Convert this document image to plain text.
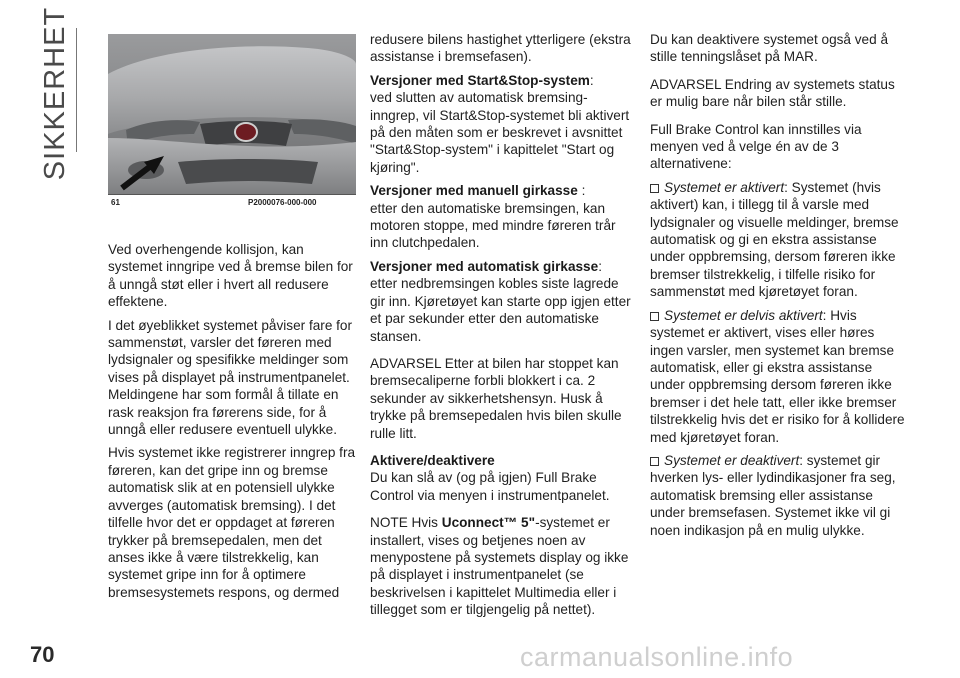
SIKKERHET
61	P2000076-000-000

Ved overhengende kollisjon, kan systemet inngripe ved å bremse bilen for å unngå støt eller i hvert all redusere effektene.

I det øyeblikket systemet påviser fare for sammenstøt, varsler det føreren med lydsignaler og spesifikke meldinger som vises på displayet på instrumentpanelet. Meldingene har som formål å tillate en rask reaksjon fra førerens side, for å unngå eller redusere eventuell ulykke.

Hvis systemet ikke registrerer inngrep fra føreren, kan det gripe inn og bremse automatisk slik at en potensiell ulykke avverges (automatisk bremsing). I det tilfelle hvor det er oppdaget at føreren trykker på bremsepedalen, men det anses ikke å være tilstrekkelig, kan systemet gripe inn for å optimere bremsesystemets respons, og dermed

redusere bilens hastighet ytterligere (ekstra assistanse i bremsefasen).

Versjoner med Start&Stop-system:
ved slutten av automatisk bremsing-inngrep, vil Start&Stop-systemet bli aktivert på den måten som er beskrevet i avsnittet "Start&Stop-system" i kapittelet "Start og kjøring".

Versjoner med manuell girkasse :
etter den automatiske bremsingen, kan motoren stoppe, med mindre føreren trår inn clutchpedalen.

Versjoner med automatisk girkasse:
etter nedbremsingen kobles siste lagrede gir inn. Kjøretøyet kan starte opp igjen etter et par sekunder etter den automatiske stansen.

ADVARSEL Etter at bilen har stoppet kan bremsecaliperne forbli blokkert i ca. 2 sekunder av sikkerhetshensyn. Husk å trykke på bremsepedalen hvis bilen skulle rulle litt.

Aktivere/deaktivere

Du kan slå av (og på igjen) Full Brake Control via menyen i instrumentpanelet.

NOTE Hvis Uconnect™ 5"-systemet er installert, vises og betjenes noen av menypostene på systemets display og ikke på displayet i instrumentpanelet (se beskrivelsen i kapittelet Multimedia eller i tillegget som er tilgjengelig på nettet).

Du kan deaktivere systemet også ved å stille tenningslåset på MAR.

ADVARSEL Endring av systemets status er mulig bare når bilen står stille.

Full Brake Control kan innstilles via menyen ved å velge én av de 3 alternativene:

Systemet er aktivert: Systemet (hvis aktivert) kan, i tillegg til å varsle med lydsignaler og visuelle meldinger, bremse automatisk og gi en ekstra assistanse under oppbremsing, dersom føreren ikke bremser tilstrekkelig, i tilfelle risiko for sammenstøt med kjøretøyet foran.
Systemet er delvis aktivert: Hvis systemet er aktivert, vises eller høres ingen varsler, men systemet kan bremse automatisk, eller gi ekstra assistanse under oppbremsing dersom føreren ikke bremser i det hele tatt, eller ikke bremser tilstrekkelig hvis det er risiko for å kollidere med kjøretøyet foran.
Systemet er deaktivert: systemet gir hverken lys- eller lydindikasjoner fra seg, automatisk bremsing eller assistanse under bremsefasen. Systemet ikke vil gi noen indikasjon på en mulig ulykke.
70	carmanualsonline.info
